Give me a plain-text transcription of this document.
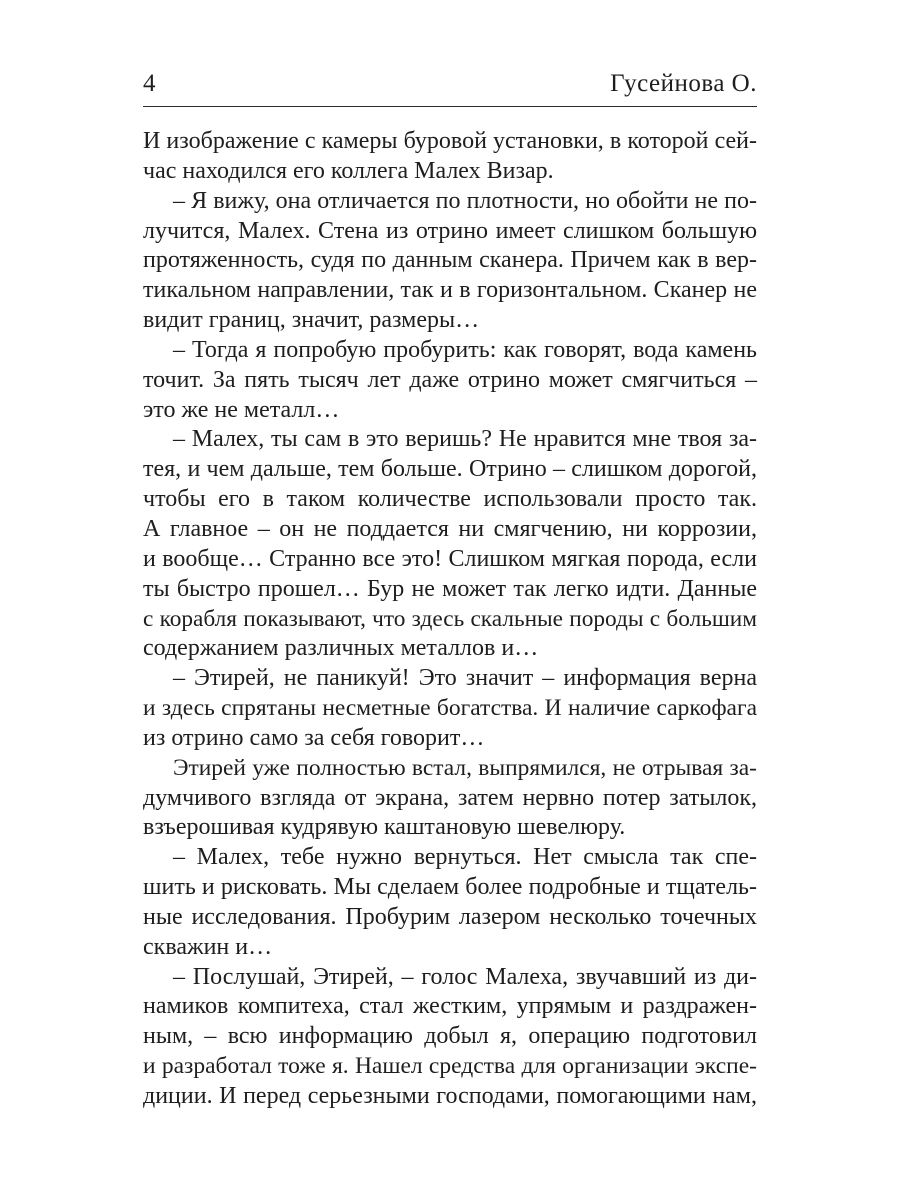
4	Гусейнова О.
И изображение с камеры буровой установки, в которой сей-
час находился его коллега Малех Визар.
– Я вижу, она отличается по плотности, но обойти не по-
лучится, Малех. Стена из отрино имеет слишком большую
протяженность, судя по данным сканера. Причем как в вер-
тикальном направлении, так и в горизонтальном. Сканер не
видит границ, значит, размеры…
– Тогда я попробую пробурить: как говорят, вода камень
точит. За пять тысяч лет даже отрино может смягчиться –
это же не металл…
– Малех, ты сам в это веришь? Не нравится мне твоя за-
тея, и чем дальше, тем больше. Отрино – слишком дорогой,
чтобы его в таком количестве использовали просто так.
А главное – он не поддается ни смягчению, ни коррозии,
и вообще… Странно все это! Слишком мягкая порода, если
ты быстро прошел… Бур не может так легко идти. Данные
с корабля показывают, что здесь скальные породы с большим
содержанием различных металлов и…
– Этирей, не паникуй! Это значит – информация верна
и здесь спрятаны несметные богатства. И наличие саркофага
из отрино само за себя говорит…
Этирей уже полностью встал, выпрямился, не отрывая за-
думчивого взгляда от экрана, затем нервно потер затылок,
взъерошивая кудрявую каштановую шевелюру.
– Малех, тебе нужно вернуться. Нет смысла так спе-
шить и рисковать. Мы сделаем более подробные и тщатель-
ные исследования. Пробурим лазером несколько точечных
скважин и…
– Послушай, Этирей, – голос Малеха, звучавший из ди-
намиков компитеха, стал жестким, упрямым и раздражен-
ным, – всю информацию добыл я, операцию подготовил
и разработал тоже я. Нашел средства для организации экспе-
диции. И перед серьезными господами, помогающими нам,
